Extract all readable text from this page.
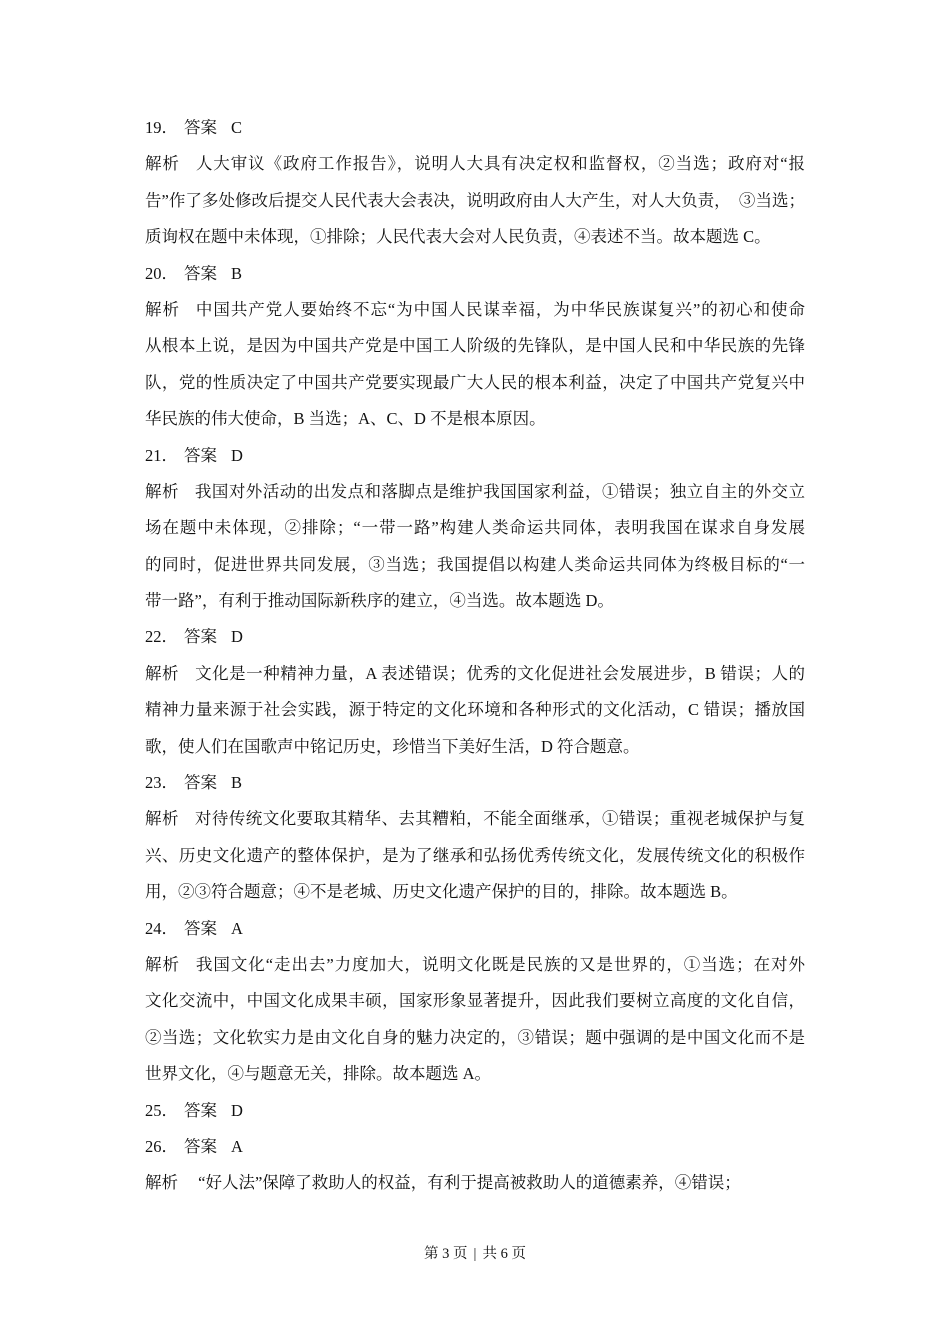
19． 答案 C
解析 人大审议《政府工作报告》，说明人大具有决定权和监督权，②当选；政府对“报
告”作了多处修改后提交人民代表大会表决，说明政府由人大产生，对人大负责，　③当选；
质询权在题中未体现，①排除；人民代表大会对人民负责，④表述不当。故本题选 C。
20． 答案 B
解析 中国共产党人要始终不忘“为中国人民谋幸福，为中华民族谋复兴”的初心和使命
从根本上说，是因为中国共产党是中国工人阶级的先锋队，是中国人民和中华民族的先锋
队，党的性质决定了中国共产党要实现最广大人民的根本利益，决定了中国共产党复兴中
华民族的伟大使命，B 当选；A、C、D 不是根本原因。
21． 答案 D
解析 我国对外活动的出发点和落脚点是维护我国国家利益，①错误；独立自主的外交立
场在题中未体现，②排除；“一带一路”构建人类命运共同体，表明我国在谋求自身发展
的同时，促进世界共同发展，③当选；我国提倡以构建人类命运共同体为终极目标的“一
带一路”，有利于推动国际新秩序的建立，④当选。故本题选 D。
22． 答案 D
解析 文化是一种精神力量，A 表述错误；优秀的文化促进社会发展进步，B 错误；人的
精神力量来源于社会实践，源于特定的文化环境和各种形式的文化活动，C 错误；播放国
歌，使人们在国歌声中铭记历史，珍惜当下美好生活，D 符合题意。
23． 答案 B
解析 对待传统文化要取其精华、去其糟粕，不能全面继承，①错误；重视老城保护与复
兴、历史文化遗产的整体保护，是为了继承和弘扬优秀传统文化，发展传统文化的积极作
用，②③符合题意；④不是老城、历史文化遗产保护的目的，排除。故本题选 B。
24． 答案 A
解析 我国文化“走出去”力度加大，说明文化既是民族的又是世界的，①当选；在对外
文化交流中，中国文化成果丰硕，国家形象显著提升，因此我们要树立高度的文化自信，
②当选；文化软实力是由文化自身的魅力决定的，③错误；题中强调的是中国文化而不是
世界文化，④与题意无关，排除。故本题选 A。
25． 答案 D
26． 答案 A
解析 “好人法”保障了救助人的权益，有利于提高被救助人的道德素养，④错误；
第 3 页 | 共 6 页
